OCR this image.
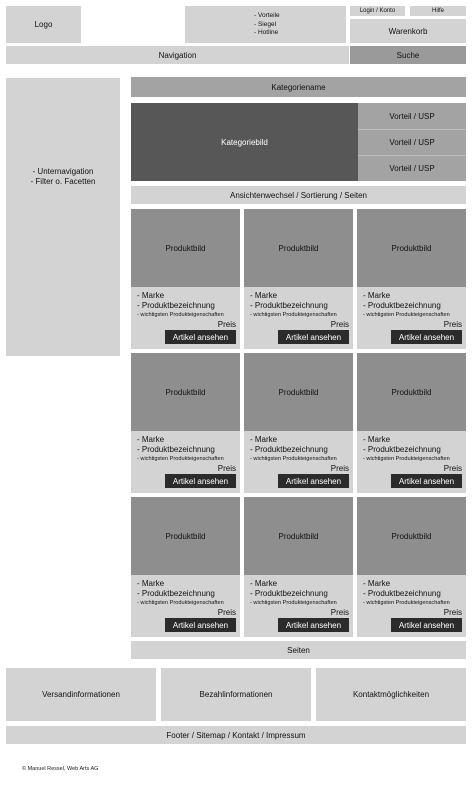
Logo
- Vorteile
- Siegel
- Hotline
Login / Konto	Hilfe
Warenkorb
Navigation	Suche
- Unternavigation
- Filter o. Facetten
Kategoriename
Kategoriebild
Vorteil / USP
Vorteil / USP
Vorteil / USP
Ansichtenwechsel / Sortierung / Seiten
Produktbild
- Marke
- Produktbezeichnung
- wichtigsten Produkteigenschaften
Preis
Artikel ansehen
Produktbild
- Marke
- Produktbezeichnung
- wichtigsten Produkteigenschaften
Preis
Artikel ansehen
Produktbild
- Marke
- Produktbezeichnung
- wichtigsten Produkteigenschaften
Preis
Artikel ansehen
Produktbild
- Marke
- Produktbezeichnung
- wichtigsten Produkteigenschaften
Preis
Artikel ansehen
Produktbild
- Marke
- Produktbezeichnung
- wichtigsten Produkteigenschaften
Preis
Artikel ansehen
Produktbild
- Marke
- Produktbezeichnung
- wichtigsten Produkteigenschaften
Preis
Artikel ansehen
Produktbild
- Marke
- Produktbezeichnung
- wichtigsten Produkteigenschaften
Preis
Artikel ansehen
Produktbild
- Marke
- Produktbezeichnung
- wichtigsten Produkteigenschaften
Preis
Artikel ansehen
Produktbild
- Marke
- Produktbezeichnung
- wichtigsten Produkteigenschaften
Preis
Artikel ansehen
Seiten
Versandinformationen	Bezahlinformationen	Kontaktmöglichkeiten
Footer / Sitemap / Kontakt / Impressum
© Manuel Ressel, Web Arts AG
